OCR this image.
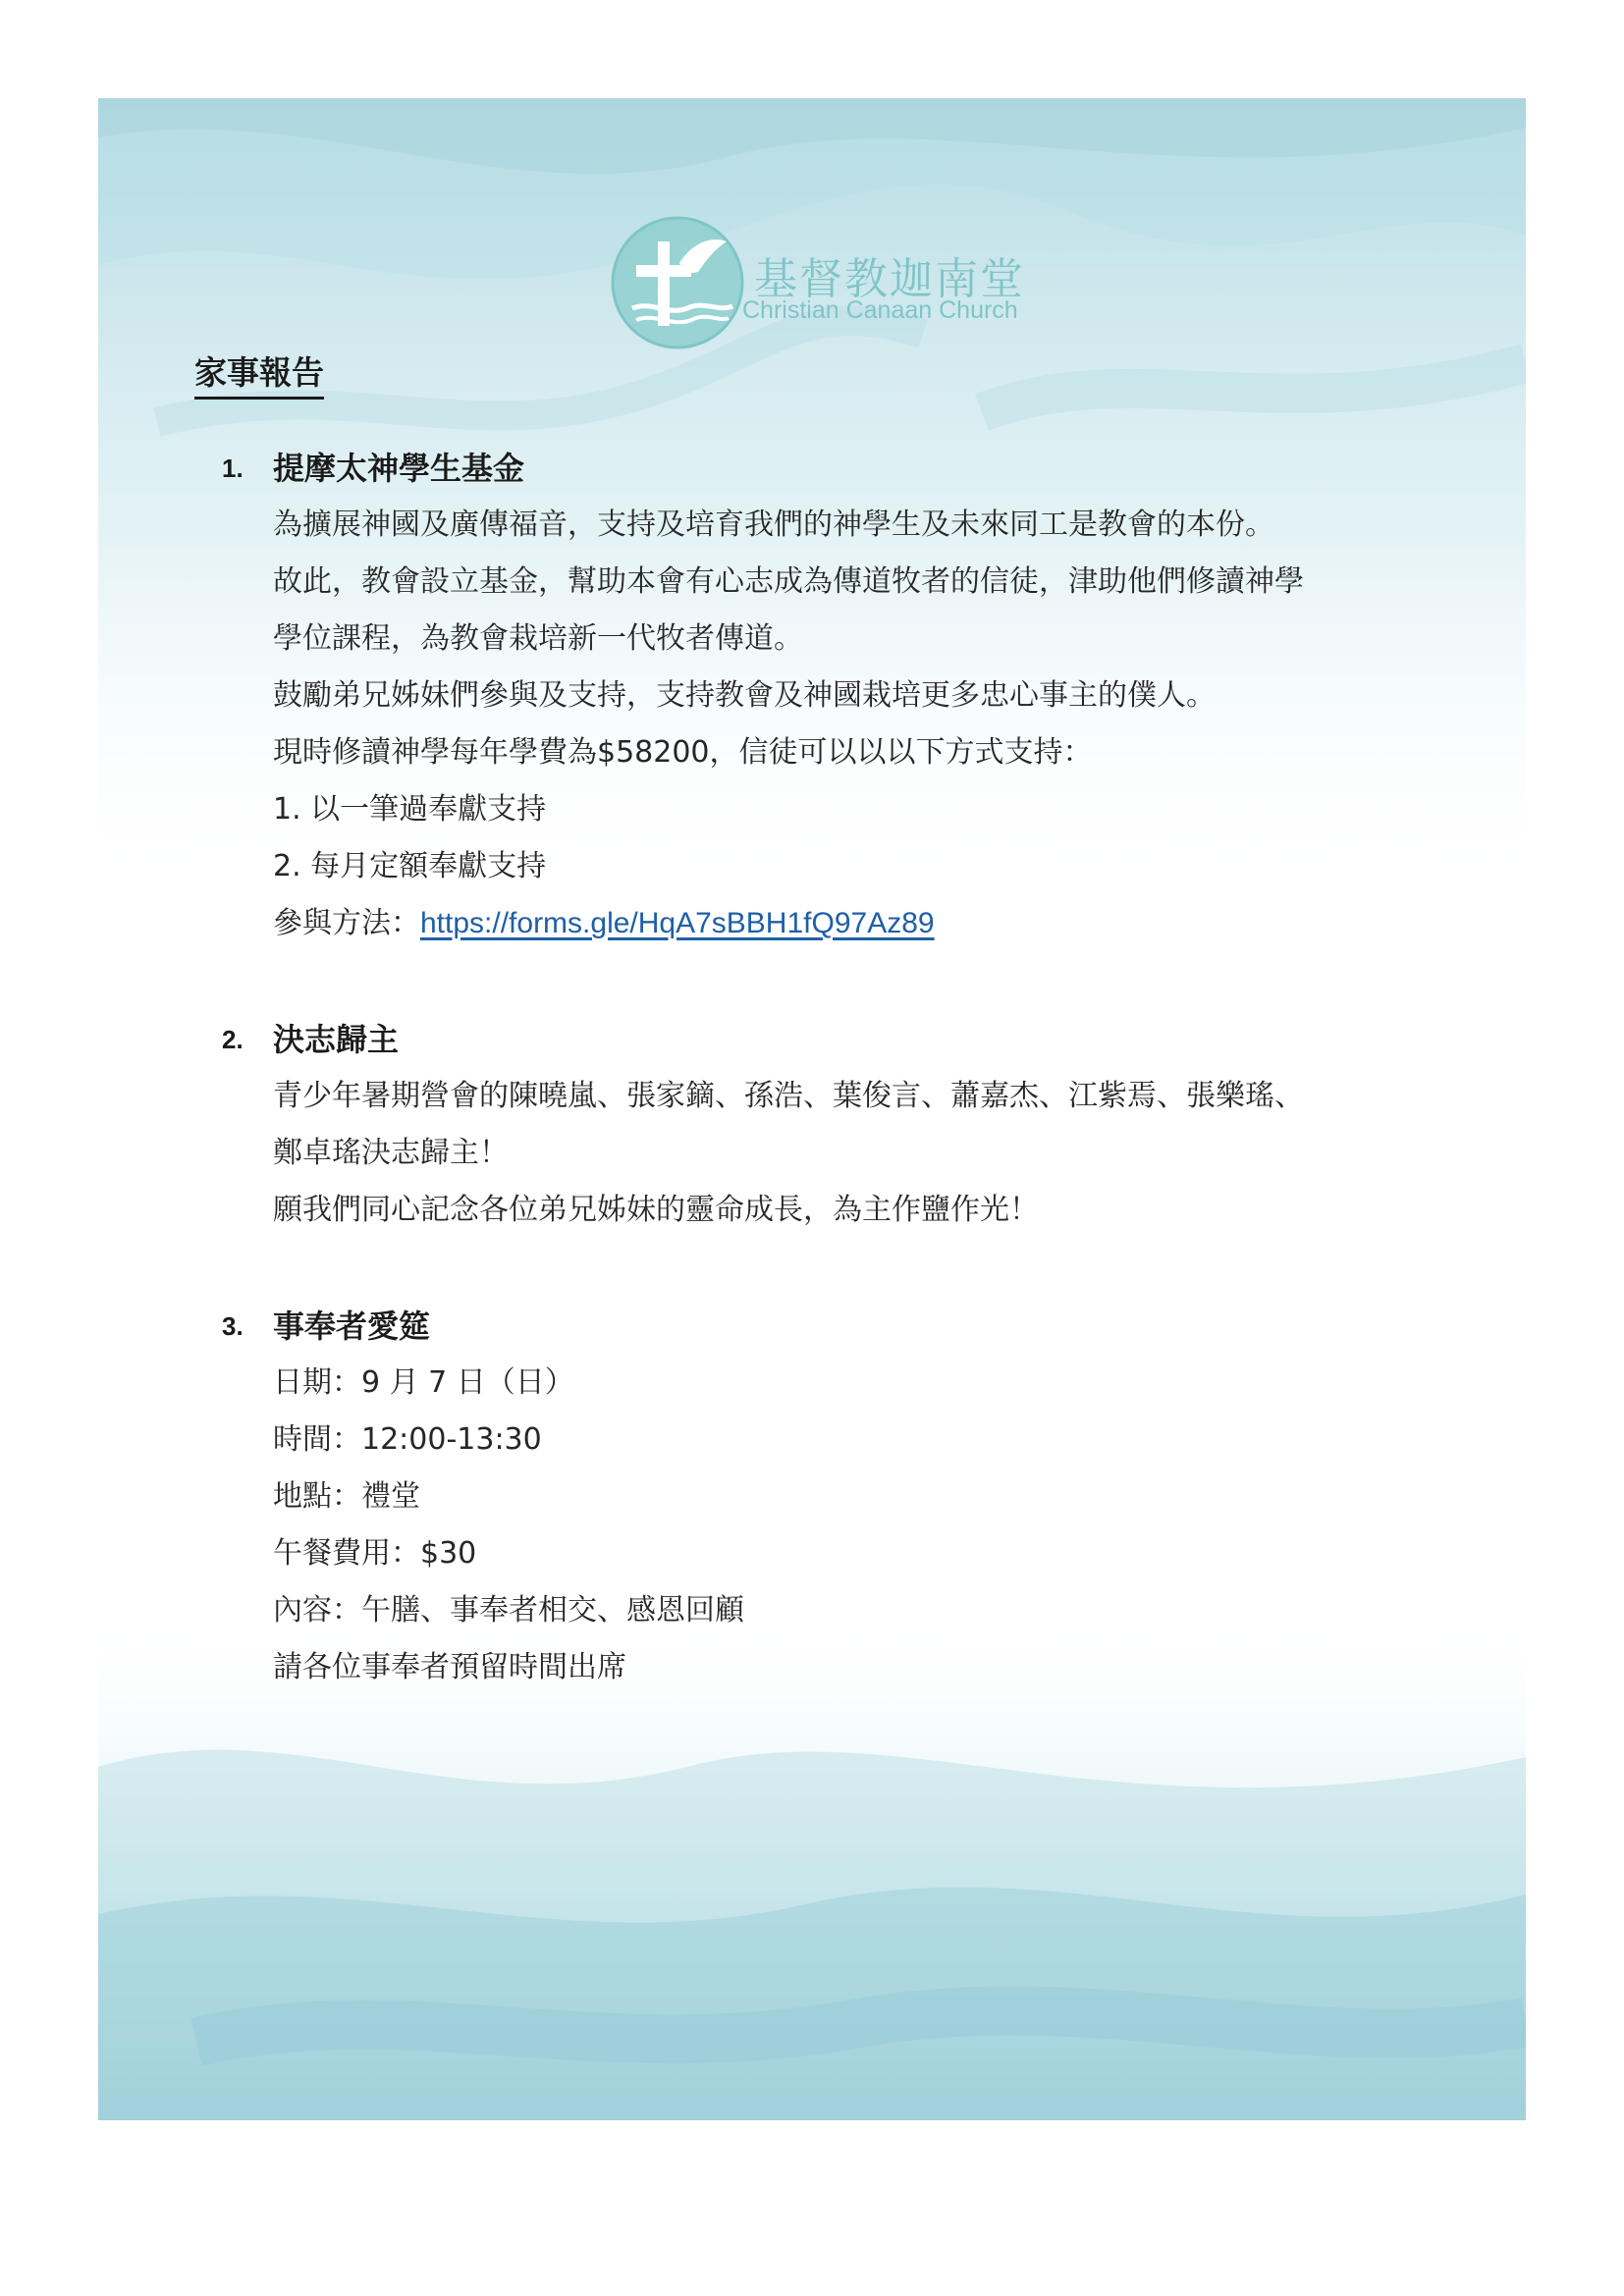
基督教迦南堂
Christian Canaan Church
家事報告
1. 提摩太神學生基金
為擴展神國及廣傳福音，支持及培育我們的神學生及未來同工是教會的本份。
故此，教會設立基金，幫助本會有心志成為傳道牧者的信徒，津助他們修讀神學
學位課程，為教會栽培新一代牧者傳道。
鼓勵弟兄姊妹們參與及支持，支持教會及神國栽培更多忠心事主的僕人。
現時修讀神學每年學費為$58200，信徒可以以以下方式支持：
1. 以一筆過奉獻支持
2. 每月定額奉獻支持
參與方法：https://forms.gle/HqA7sBBH1fQ97Az89
2. 決志歸主
青少年暑期營會的陳曉嵐、張家鏑、孫浩、葉俊言、蕭嘉杰、江紫焉、張樂瑤、
鄭卓瑤決志歸主！
願我們同心記念各位弟兄姊妹的靈命成長，為主作鹽作光！
3. 事奉者愛筵
日期：9 月 7 日（日）
時間：12:00-13:30
地點：禮堂
午餐費用：$30
內容：午膳、事奉者相交、感恩回顧
請各位事奉者預留時間出席
